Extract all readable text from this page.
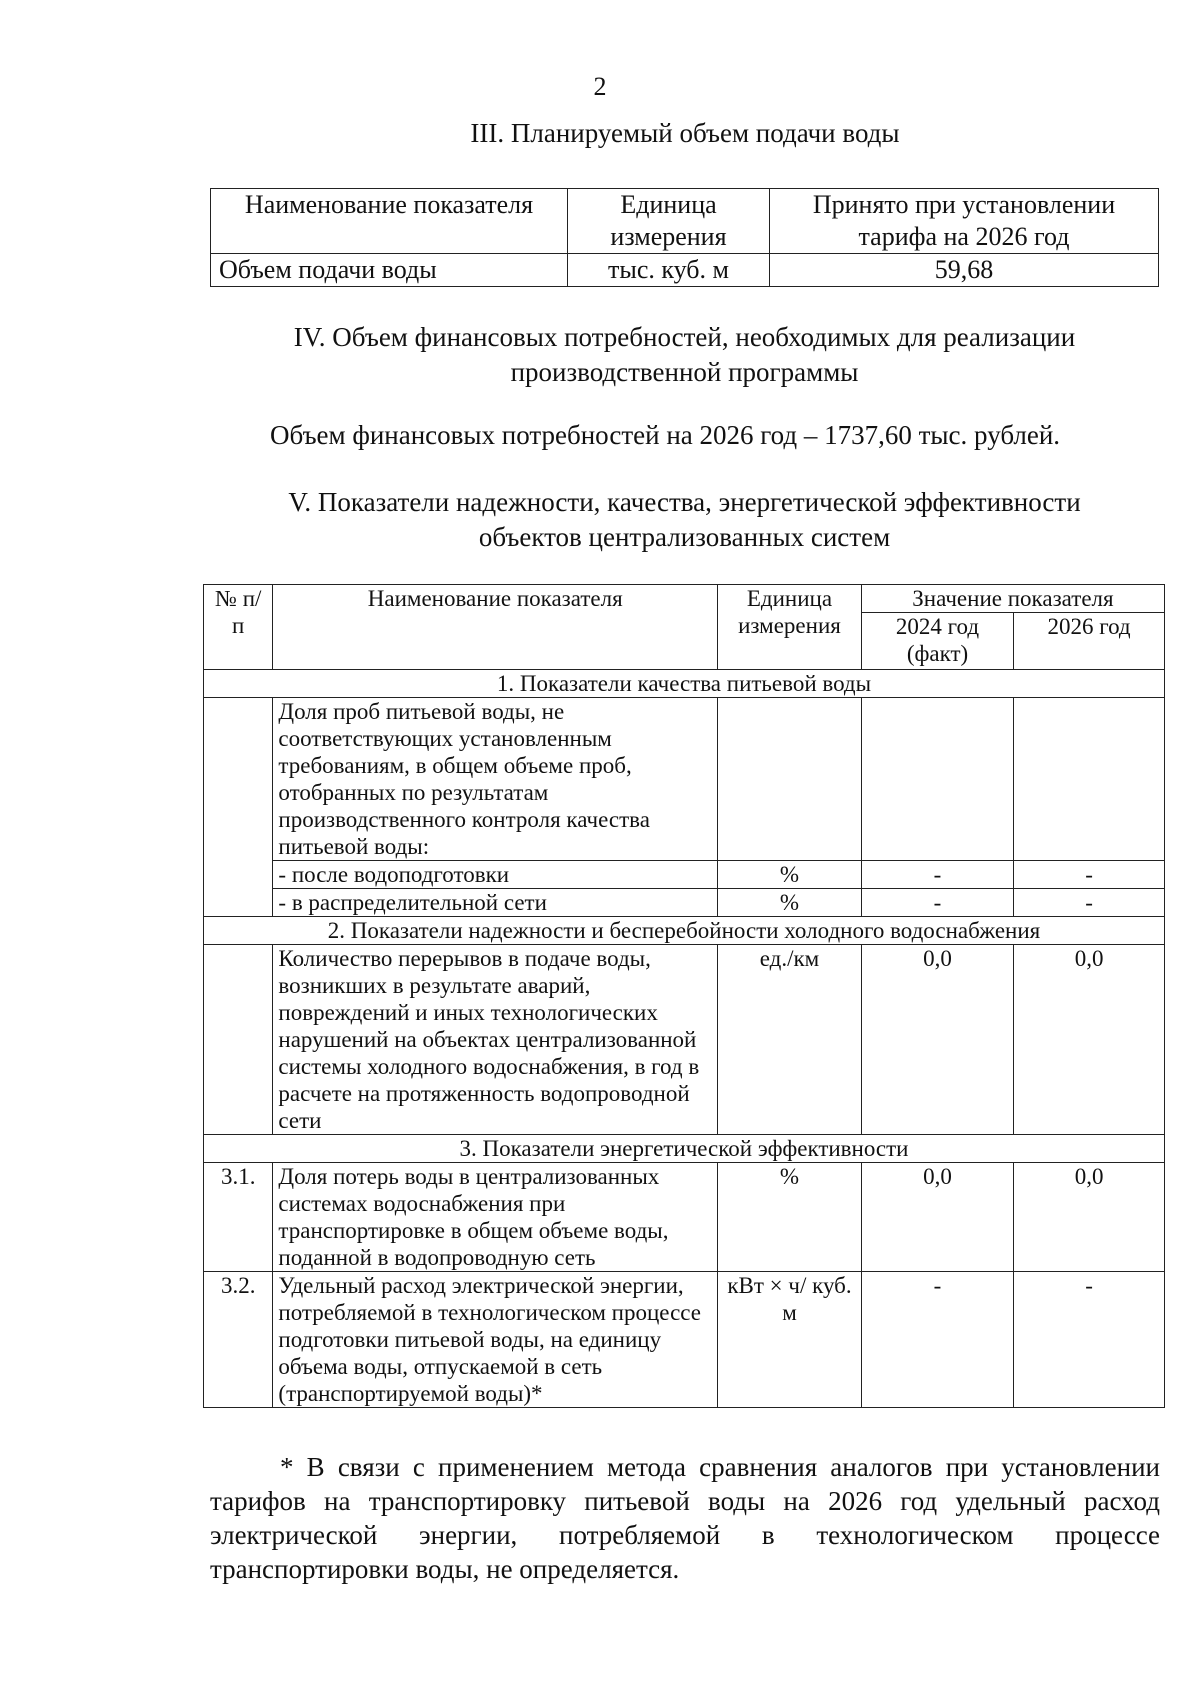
2
III. Планируемый объем подачи воды
Наименование показателя	Единица измерения	Принято при установлении тарифа на 2026 год
Объем подачи воды	тыс. куб. м	59,68
IV. Объем финансовых потребностей, необходимых для реализации
производственной программы
Объем финансовых потребностей на 2026 год – 1737,60 тыс. рублей.
V. Показатели надежности, качества, энергетической эффективности
объектов централизованных систем
№ п/п	Наименование показателя	Единица измерения	Значение показателя	
			2024 год (факт)	2026 год
1. Показатели качества питьевой воды				
	Доля проб питьевой воды, не соответствующих установленным требованиям, в общем объеме проб, отобранных по результатам производственного контроля качества питьевой воды:			
	- после водоподготовки	%	-	-
	- в распределительной сети	%	-	-
2. Показатели надежности и бесперебойности холодного водоснабжения				
	Количество перерывов в подаче воды, возникших в результате аварий, повреждений и иных технологических нарушений на объектах централизованной системы холодного водоснабжения, в год в расчете на протяженность водопроводной сети	ед./км	0,0	0,0
3. Показатели энергетической эффективности				
3.1.	Доля потерь воды в централизованных системах водоснабжения при транспортировке в общем объеме воды, поданной в водопроводную сеть	%	0,0	0,0
3.2.	Удельный расход электрической энергии, потребляемой в технологическом процессе подготовки питьевой воды, на единицу объема воды, отпускаемой в сеть (транспортируемой воды)*	кВт × ч/ куб. м	-	-
* В связи с применением метода сравнения аналогов при установлении тарифов на транспортировку питьевой воды на 2026 год удельный расход электрической энергии, потребляемой в технологическом процессе транспортировки воды, не определяется.
